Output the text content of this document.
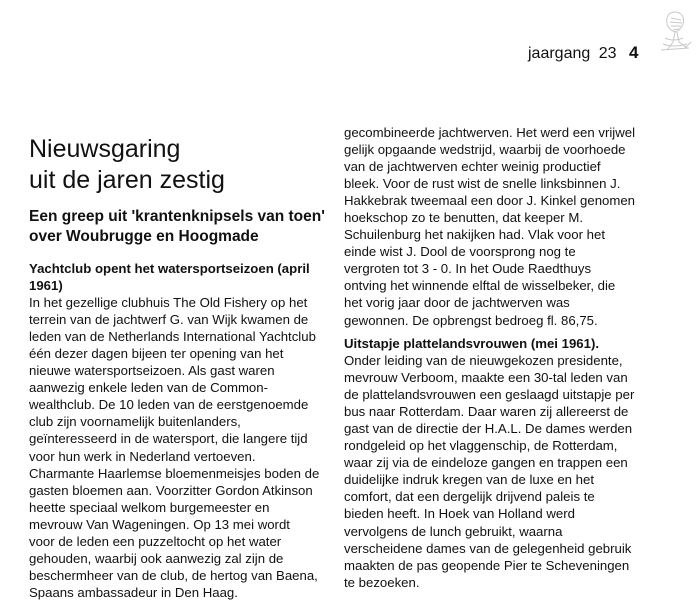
jaargang 23 4
Nieuwsgaring
uit de jaren zestig
Een greep uit 'krantenknipsels van toen'
over Woubrugge en Hoogmade
Yachtclub opent het watersportseizoen (april 1961)
In het gezellige clubhuis The Old Fishery op het
terrein van de jachtwerf G. van Wijk kwamen de
leden van de Netherlands International Yachtclub
één dezer dagen bijeen ter opening van het
nieuwe watersportseizoen. Als gast waren
aanwezig enkele leden van de Common-
wealthclub. De 10 leden van de eerstgenoemde
club zijn voornamelijk buitenlanders,
geïnteresseerd in de watersport, die langere tijd
voor hun werk in Nederland vertoeven.
Charmante Haarlemse bloemenmeisjes boden de
gasten bloemen aan. Voorzitter Gordon Atkinson
heette speciaal welkom burgemeester en
mevrouw Van Wageningen. Op 13 mei wordt
voor de leden een puzzeltocht op het water
gehouden, waarbij ook aanwezig zal zijn de
beschermheer van de club, de hertog van Baena,
Spaans ambassadeur in Den Haag.
gecombineerde jachtwerven. Het werd een vrijwel
gelijk opgaande wedstrijd, waarbij de voorhoede
van de jachtwerven echter weinig productief
bleek. Voor de rust wist de snelle linksbinnen J.
Hakkebrak tweemaal een door J. Kinkel genomen
hoekschop zo te benutten, dat keeper M.
Schuilenburg het nakijken had. Vlak voor het
einde wist J. Dool de voorsprong nog te
vergroten tot 3 - 0. In het Oude Raedthuys
ontving het winnende elftal de wisselbeker, die
het vorig jaar door de jachtwerven was
gewonnen. De opbrengst bedroeg fl. 86,75.
Uitstapje plattelandsvrouwen (mei 1961).
Onder leiding van de nieuwgekozen presidente,
mevrouw Verboom, maakte een 30-tal leden van
de plattelandsvrouwen een geslaagd uitstapje per
bus naar Rotterdam. Daar waren zij allereerst de
gast van de directie der H.A.L. De dames werden
rondgeleid op het vlaggenschip, de Rotterdam,
waar zij via de eindeloze gangen en trappen een
duidelijke indruk kregen van de luxe en het
comfort, dat een dergelijk drijvend paleis te
bieden heeft. In Hoek van Holland werd
vervolgens de lunch gebruikt, waarna
verscheidene dames van de gelegenheid gebruik
maakten de pas geopende Pier te Scheveningen
te bezoeken.
